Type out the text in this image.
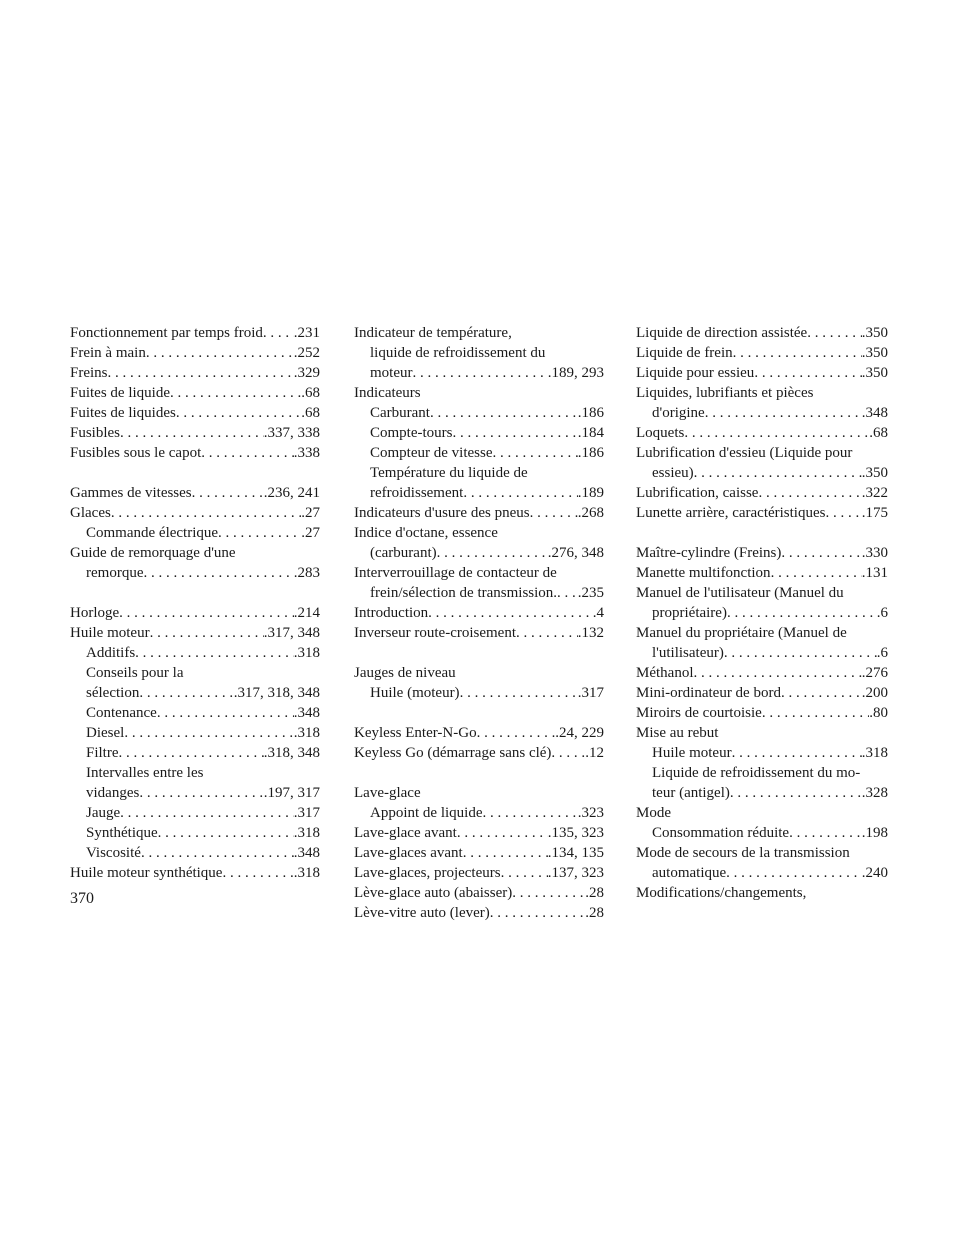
Fonctionnement par temps froid . . . .231
Frein à main . . .	.252
Freins . . .	.329
Fuites de liquide . . .	.68
Fuites de liquides . . .	.68
Fusibles . . .	.337, 338
Fusibles sous le capot . . .	.338
Gammes de vitesses . . .	.236, 241
Glaces . . .	.27
Commande électrique . . .	.27
Guide de remorquage d'une
remorque . . .	.283
Horloge . . .	.214
Huile moteur . . .	.317, 348
Additifs . . .	.318
Conseils pour la
sélection . . .	.317, 318, 348
Contenance . . .	.348
Diesel . . .	.318
Filtre . . .	.318, 348
Intervalles entre les
vidanges . . .	.197, 317
Jauge . . .	.317
Synthétique . . .	.318
Viscosité . . .	.348
Huile moteur synthétique . . .	.318
Indicateur de température,
liquide de refroidissement du
moteur . . .	.189, 293
Indicateurs
Carburant . . .	.186
Compte-tours . . .	.184
Compteur de vitesse . . .	.186
Température du liquide de
refroidissement . . .	.189
Indicateurs d'usure des pneus . . .	.268
Indice d'octane, essence
(carburant) . . .	.276, 348
Interverrouillage de contacteur de
frein/sélection de transmission. . . . .235
Introduction . . .	.4
Inverseur route-croisement . . .	.132
Jauges de niveau
Huile (moteur) . . .	.317
Keyless Enter-N-Go . . .	.24, 229
Keyless Go (démarrage sans clé) . . . .12
Lave-glace
Appoint de liquide . . .	.323
Lave-glace avant . . .	.135, 323
Lave-glaces avant . . .	.134, 135
Lave-glaces, projecteurs . . .	.137, 323
Lève-glace auto (abaisser) . . .	.28
Lève-vitre auto (lever) . . .	.28
Liquide de direction assistée . . .	.350
Liquide de frein . . .	.350
Liquide pour essieu . . .	.350
Liquides, lubrifiants et pièces
d'origine . . .	.348
Loquets . . .	.68
Lubrification d'essieu (Liquide pour
essieu) . . .	.350
Lubrification, caisse . . .	.322
Lunette arrière, caractéristiques . . . .175
Maître-cylindre (Freins) . . .	.330
Manette multifonction . . .	.131
Manuel de l'utilisateur (Manuel du
propriétaire) . . .	.6
Manuel du propriétaire (Manuel de
l'utilisateur) . . .	.6
Méthanol . . .	.276
Mini-ordinateur de bord . . .	.200
Miroirs de courtoisie . . .	.80
Mise au rebut
Huile moteur . . .	.318
Liquide de refroidissement du mo-
teur (antigel) . . .	.328
Mode
Consommation réduite . . .	.198
Mode de secours de la transmission
automatique . . .	.240
Modifications/changements,
370
